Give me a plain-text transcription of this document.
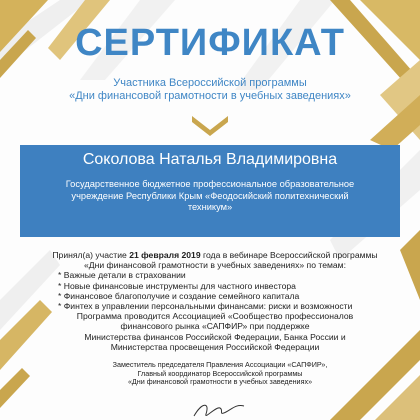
СЕРТИФИКАТ
Участника Всероссийской программы
«Дни финансовой грамотности в учебных заведениях»
Соколова Наталья Владимировна
Государственное бюджетное профессиональное образовательное
учреждение Республики Крым «Феодосийский политехнический
техникум»
Принял(а) участие 21 февраля 2019 года в вебинаре Всероссийской программы
«Дни финансовой грамотности в учебных заведениях» по темам:
* Важные детали в страховании
* Новые финансовые инструменты для частного инвестора
* Финансовое благополучие и создание семейного капитала
* Финтех в управлении персональными финансами: риски и возможности
Программа проводится Ассоциацией «Сообщество профессионалов
финансового рынка «САПФИР» при поддержке
Министерства финансов Российской Федерации, Банка России и
Министерства просвещения Российской Федерации
Заместитель председателя Правления Ассоциации «САПФИР»,
Главный координатор Всероссийской программы
«Дни финансовой грамотности в учебных заведениях»
